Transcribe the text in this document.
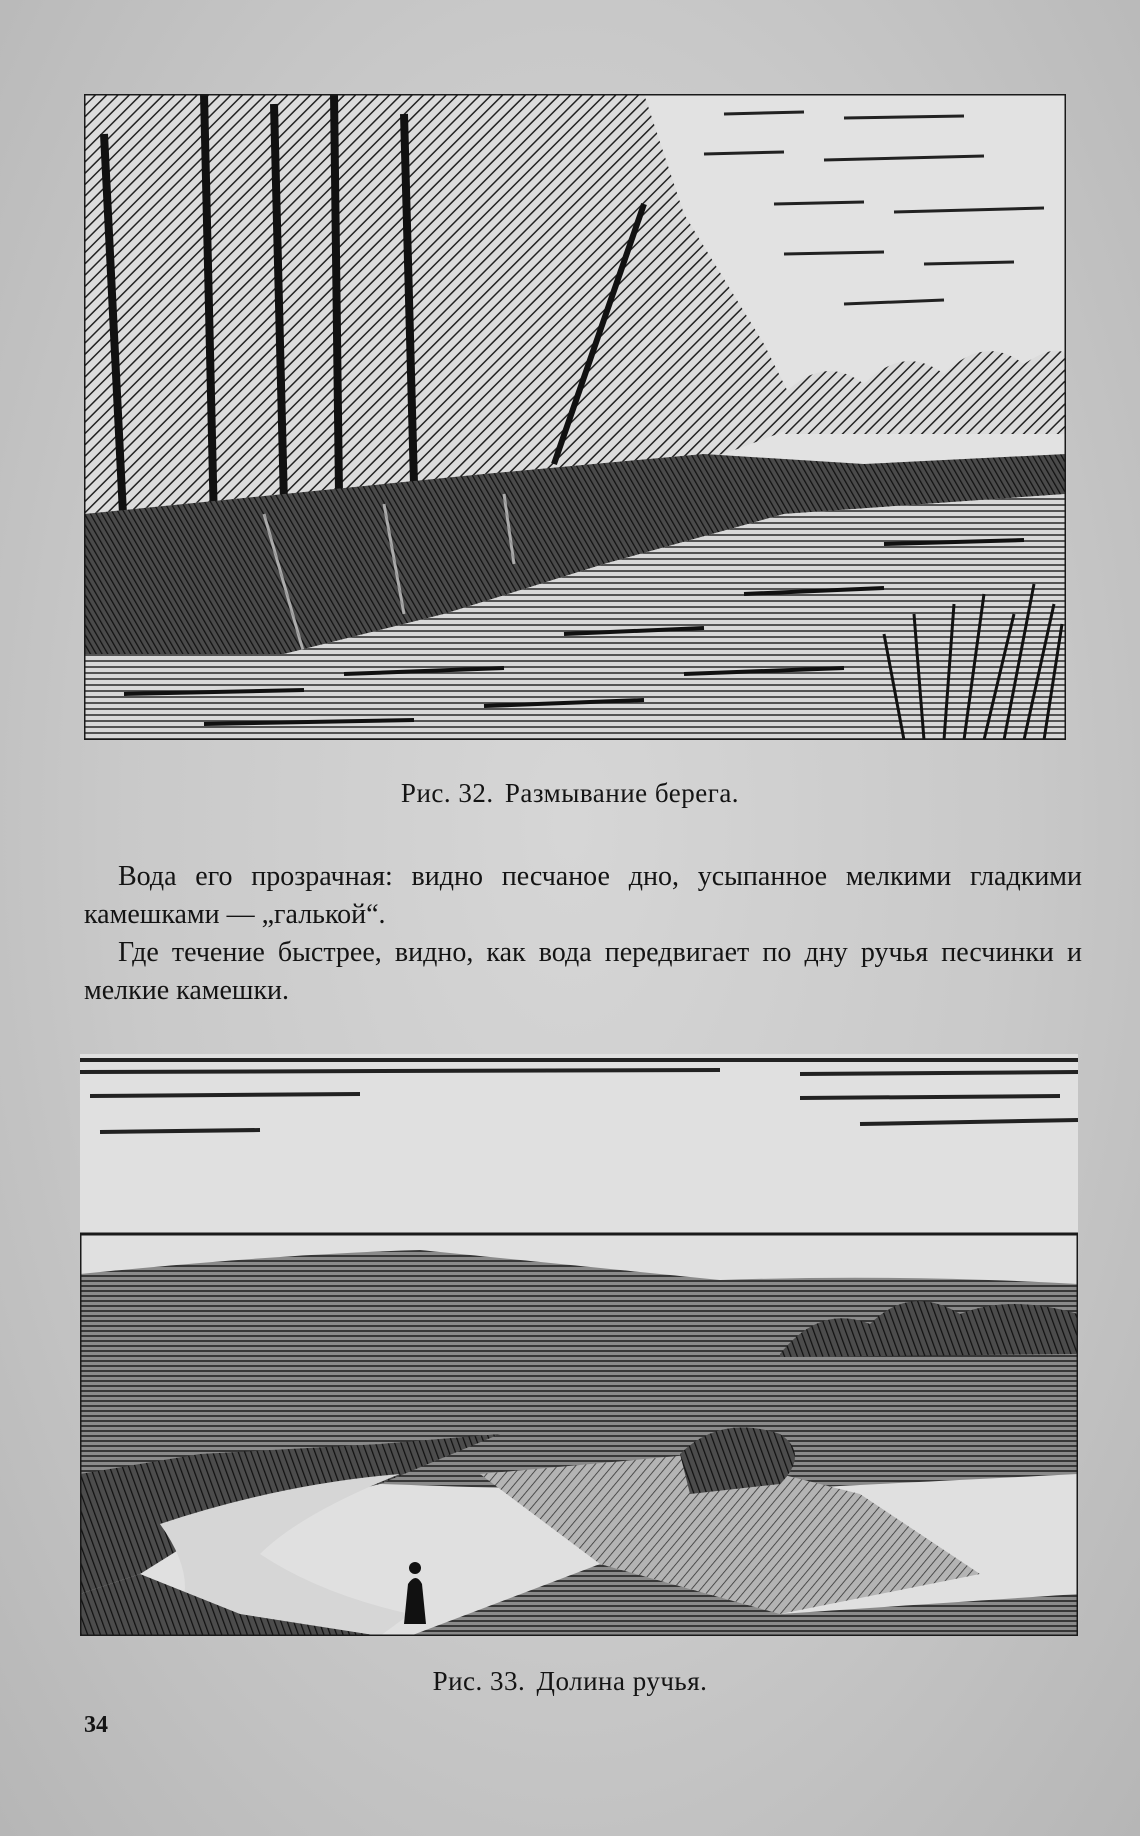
Рис. 32. Размывание берега.

Вода его прозрачная: видно песчаное дно, усыпанное мелкими гладкими камешками — „галькой“.

Где течение быстрее, видно, как вода передвигает по дну ручья песчинки и мелкие камешки.

Рис. 33. Долина ручья.
34
